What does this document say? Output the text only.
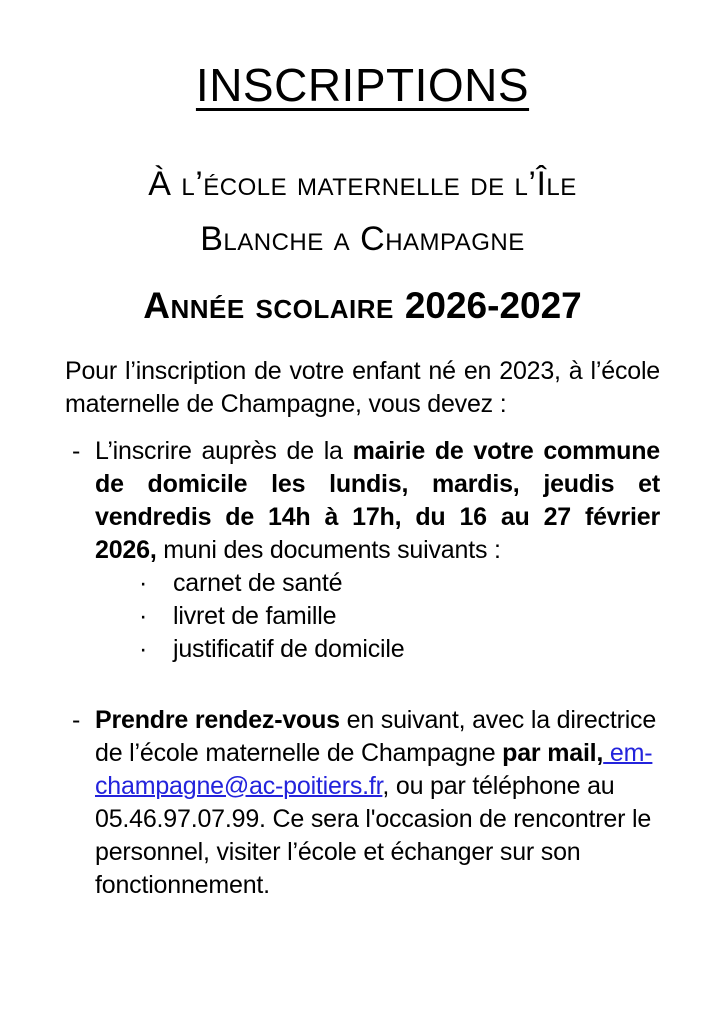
INSCRIPTIONS
À l’école maternelle de l’Île
Blanche a Champagne
Année scolaire 2026-2027

Pour l’inscription de votre enfant né en 2023, à l’école maternelle de Champagne, vous devez :

- L’inscrire auprès de la mairie de votre commune de domicile les lundis, mardis, jeudis et vendredis de 14h à 17h, du 16 au 27 février 2026, muni des documents suivants :
·	carnet de santé
·	livret de famille
·	justificatif de domicile
- Prendre rendez-vous en suivant, avec la directrice de l’école maternelle de Champagne par mail, em-champagne@ac-poitiers.fr, ou par téléphone au 05.46.97.07.99. Ce sera l'occasion de rencontrer le personnel, visiter l’école et échanger sur son fonctionnement.
